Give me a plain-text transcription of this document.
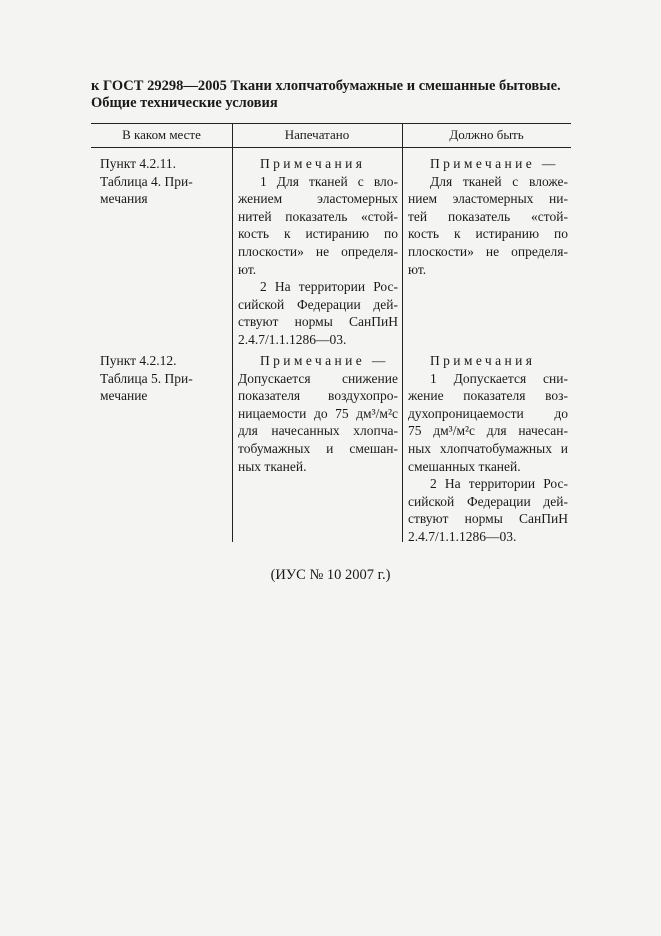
к ГОСТ 29298—2005 Ткани хлопчатобумажные и смешанные бытовые.
Общие технические условия
В каком месте	Напечатано	Должно быть
Пункт 4.2.11.
Таблица 4. При-
мечания
Примечания
1 Для тканей с вло-
жением эластомерных
нитей показатель «стой-
кость к истиранию по
плоскости» не определя-
ют.
2 На территории Рос-
сийской Федерации дей-
ствуют нормы СанПиН
2.4.7/1.1.1286—03.
Примечание —
Для тканей с вложе-
нием эластомерных ни-
тей показатель «стой-
кость к истиранию по
плоскости» не определя-
ют.
Пункт 4.2.12.
Таблица 5. При-
мечание
Примечание —
Допускается снижение
показателя воздухопро-
ницаемости до 75 дм³/м²с
для начесанных хлопча-
тобумажных и смешан-
ных тканей.
Примечания
1 Допускается сни-
жение показателя воз-
духопроницаемости до
75 дм³/м²с для начесан-
ных хлопчатобумажных и
смешанных тканей.
2 На территории Рос-
сийской Федерации дей-
ствуют нормы СанПиН
2.4.7/1.1.1286—03.
(ИУС № 10 2007 г.)
